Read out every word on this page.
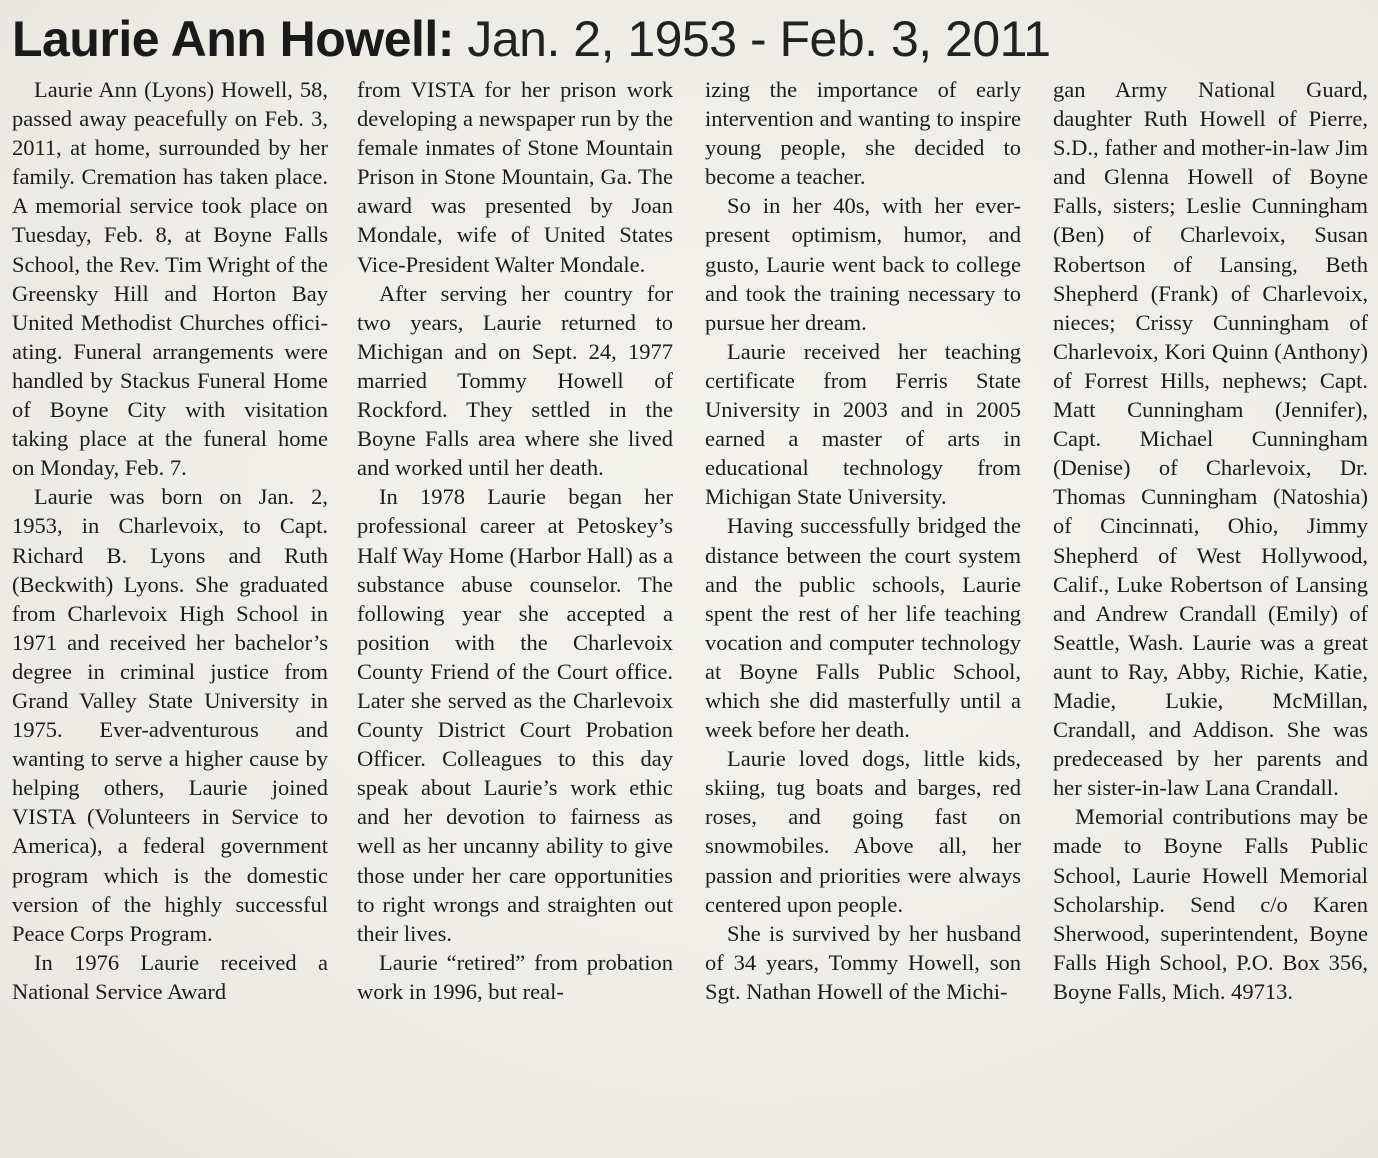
Laurie Ann Howell: Jan. 2, 1953 - Feb. 3, 2011

Laurie Ann (Lyons) Howell, 58, passed away peacefully on Feb. 3, 2011, at home, surrounded by her family. Cremation has taken place. A memorial service took place on Tuesday, Feb. 8, at Boyne Falls School, the Rev. Tim Wright of the Greensky Hill and Horton Bay United Methodist Churches officiating. Funeral arrangements were handled by Stackus Funeral Home of Boyne City with visitation taking place at the funeral home on Monday, Feb. 7.

Laurie was born on Jan. 2, 1953, in Charlevoix, to Capt. Richard B. Lyons and Ruth (Beckwith) Lyons. She graduated from Charlevoix High School in 1971 and received her bachelor’s degree in criminal justice from Grand Valley State University in 1975. Ever-adventurous and wanting to serve a higher cause by helping others, Laurie joined VISTA (Volunteers in Service to America), a federal government program which is the domestic version of the highly successful Peace Corps Program.

In 1976 Laurie received a National Service Award

from VISTA for her prison work developing a newspaper run by the female inmates of Stone Mountain Prison in Stone Mountain, Ga. The award was presented by Joan Mondale, wife of United States Vice-President Walter Mondale.

After serving her country for two years, Laurie returned to Michigan and on Sept. 24, 1977 married Tommy Howell of Rockford. They settled in the Boyne Falls area where she lived and worked until her death.

In 1978 Laurie began her professional career at Petoskey’s Half Way Home (Harbor Hall) as a substance abuse counselor. The following year she accepted a position with the Charlevoix County Friend of the Court office. Later she served as the Charlevoix County District Court Probation Officer. Colleagues to this day speak about Laurie’s work ethic and her devotion to fairness as well as her uncanny ability to give those under her care opportunities to right wrongs and straighten out their lives.

Laurie “retired” from probation work in 1996, but real-

izing the importance of early intervention and wanting to inspire young people, she decided to become a teacher.

So in her 40s, with her ever-present optimism, humor, and gusto, Laurie went back to college and took the training necessary to pursue her dream.

Laurie received her teaching certificate from Ferris State University in 2003 and in 2005 earned a master of arts in educational technology from Michigan State University.

Having successfully bridged the distance between the court system and the public schools, Laurie spent the rest of her life teaching vocation and computer technology at Boyne Falls Public School, which she did masterfully until a week before her death.

Laurie loved dogs, little kids, skiing, tug boats and barges, red roses, and going fast on snowmobiles. Above all, her passion and priorities were always centered upon people.

She is survived by her husband of 34 years, Tommy Howell, son Sgt. Nathan Howell of the Michi-

gan Army National Guard, daughter Ruth Howell of Pierre, S.D., father and mother-in-law Jim and Glenna Howell of Boyne Falls, sisters; Leslie Cunningham (Ben) of Charlevoix, Susan Robertson of Lansing, Beth Shepherd (Frank) of Charlevoix, nieces; Crissy Cunningham of Charlevoix, Kori Quinn (Anthony) of Forrest Hills, nephews; Capt. Matt Cunningham (Jennifer), Capt. Michael Cunningham (Denise) of Charlevoix, Dr. Thomas Cunningham (Natoshia) of Cincinnati, Ohio, Jimmy Shepherd of West Hollywood, Calif., Luke Robertson of Lansing and Andrew Crandall (Emily) of Seattle, Wash. Laurie was a great aunt to Ray, Abby, Richie, Katie, Madie, Lukie, McMillan, Crandall, and Addison. She was predeceased by her parents and her sister-in-law Lana Crandall.

Memorial contributions may be made to Boyne Falls Public School, Laurie Howell Memorial Scholarship. Send c/o Karen Sherwood, superintendent, Boyne Falls High School, P.O. Box 356, Boyne Falls, Mich. 49713.
